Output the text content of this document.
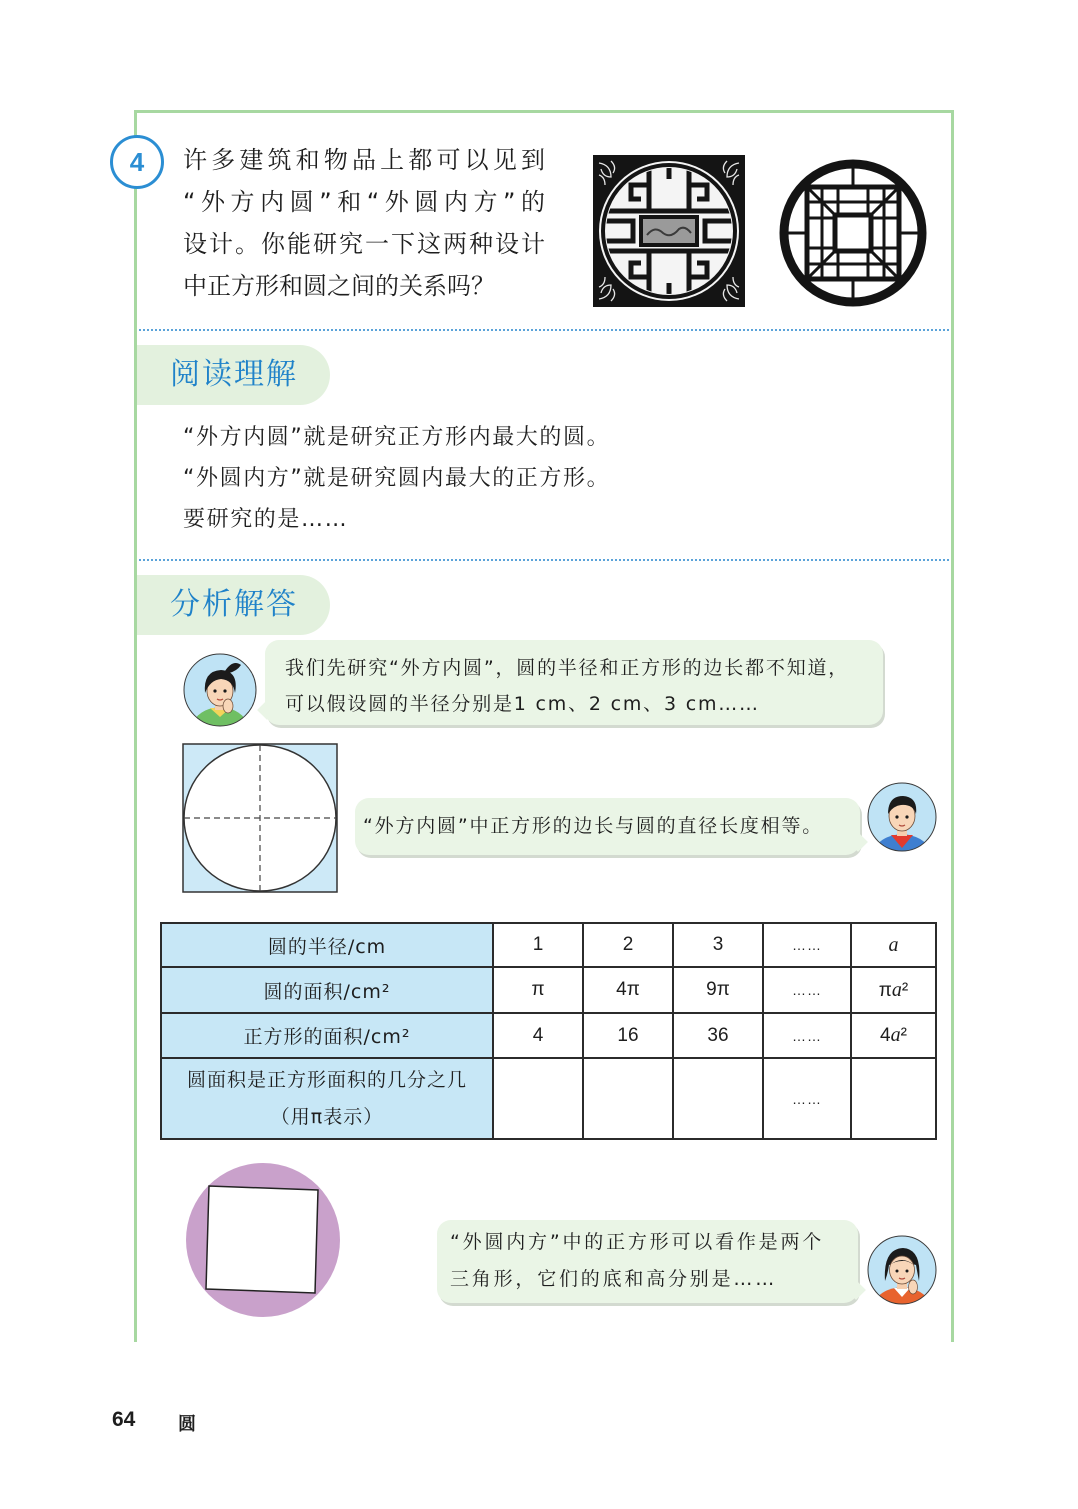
4	许多建筑和物品上都可以见到
“外方内圆”和“外圆内方”的
设计。你能研究一下这两种设计
中正方形和圆之间的关系吗？
阅读理解
“外方内圆”就是研究正方形内最大的圆。
“外圆内方”就是研究圆内最大的正方形。
要研究的是……
分析解答
我们先研究“外方内圆”，圆的半径和正方形的边长都不知道，
可以假设圆的半径分别是1 cm、2 cm、3 cm……
“外方内圆”中正方形的边长与圆的直径长度相等。
圆的半径/cm	1	2	3	……	a
圆的面积/cm²	π	4π	9π	……	πa²
正方形的面积/cm²	4	16	36	……	4a²

圆面积是正方形面积的几分之几
（用π表示）				……	
“外圆内方”中的正方形可以看作是两个
三角形，它们的底和高分别是……
64 圆
